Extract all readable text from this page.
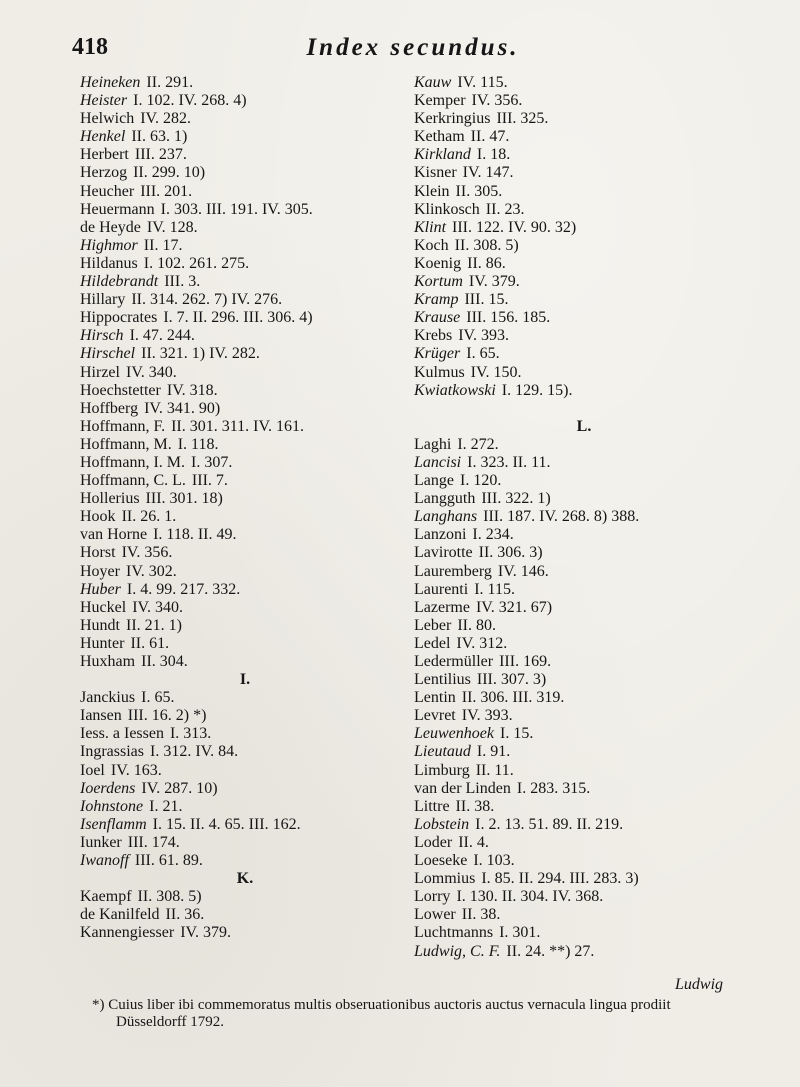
418	Index secundus.
Heineken II. 291.
Heister I. 102. IV. 268. 4)
Helwich IV. 282.
Henkel II. 63. 1)
Herbert III. 237.
Herzog II. 299. 10)
Heucher III. 201.
Heuermann I. 303. III. 191. IV. 305.
de Heyde IV. 128.
Highmor II. 17.
Hildanus I. 102. 261. 275.
Hildebrandt III. 3.
Hillary II. 314. 262. 7) IV. 276.
Hippocrates I. 7. II. 296. III. 306. 4)
Hirsch I. 47. 244.
Hirschel II. 321. 1) IV. 282.
Hirzel IV. 340.
Hoechstetter IV. 318.
Hoffberg IV. 341. 90)
Hoffmann, F. II. 301. 311. IV. 161.
Hoffmann, M. I. 118.
Hoffmann, I. M. I. 307.
Hoffmann, C. L. III. 7.
Hollerius III. 301. 18)
Hook II. 26. 1.
van Horne I. 118. II. 49.
Horst IV. 356.
Hoyer IV. 302.
Huber I. 4. 99. 217. 332.
Huckel IV. 340.
Hundt II. 21. 1)
Hunter II. 61.
Huxham II. 304.
I.
Janckius I. 65.
Iansen III. 16. 2) *)
Iess. a Iessen I. 313.
Ingrassias I. 312. IV. 84.
Ioel IV. 163.
Ioerdens IV. 287. 10)
Iohnstone I. 21.
Isenflamm I. 15. II. 4. 65. III. 162.
Iunker III. 174.
Iwanoff III. 61. 89.
K.
Kaempf II. 308. 5)
de Kanilfeld II. 36.
Kannengiesser IV. 379.
Kauw IV. 115.
Kemper IV. 356.
Kerkringius III. 325.
Ketham II. 47.
Kirkland I. 18.
Kisner IV. 147.
Klein II. 305.
Klinkosch II. 23.
Klint III. 122. IV. 90. 32)
Koch II. 308. 5)
Koenig II. 86.
Kortum IV. 379.
Kramp III. 15.
Krause III. 156. 185.
Krebs IV. 393.
Krüger I. 65.
Kulmus IV. 150.
Kwiatkowski I. 129. 15).
L.
Laghi I. 272.
Lancisi I. 323. II. 11.
Lange I. 120.
Langguth III. 322. 1)
Langhans III. 187. IV. 268. 8) 388.
Lanzoni I. 234.
Lavirotte II. 306. 3)
Lauremberg IV. 146.
Laurenti I. 115.
Lazerme IV. 321. 67)
Leber II. 80.
Ledel IV. 312.
Ledermüller III. 169.
Lentilius III. 307. 3)
Lentin II. 306. III. 319.
Levret IV. 393.
Leuwenhoek I. 15.
Lieutaud I. 91.
Limburg II. 11.
van der Linden I. 283. 315.
Littre II. 38.
Lobstein I. 2. 13. 51. 89. II. 219.
Loder II. 4.
Loeseke I. 103.
Lommius I. 85. II. 294. III. 283. 3)
Lorry I. 130. II. 304. IV. 368.
Lower II. 38.
Luchtmanns I. 301.
Ludwig, C. F. II. 24. **) 27.
Ludwig
*) Cuius liber ibi commemoratus multis obseruationibus auctoris auctus vernacula lingua prodiit
Düsseldorff 1792.
